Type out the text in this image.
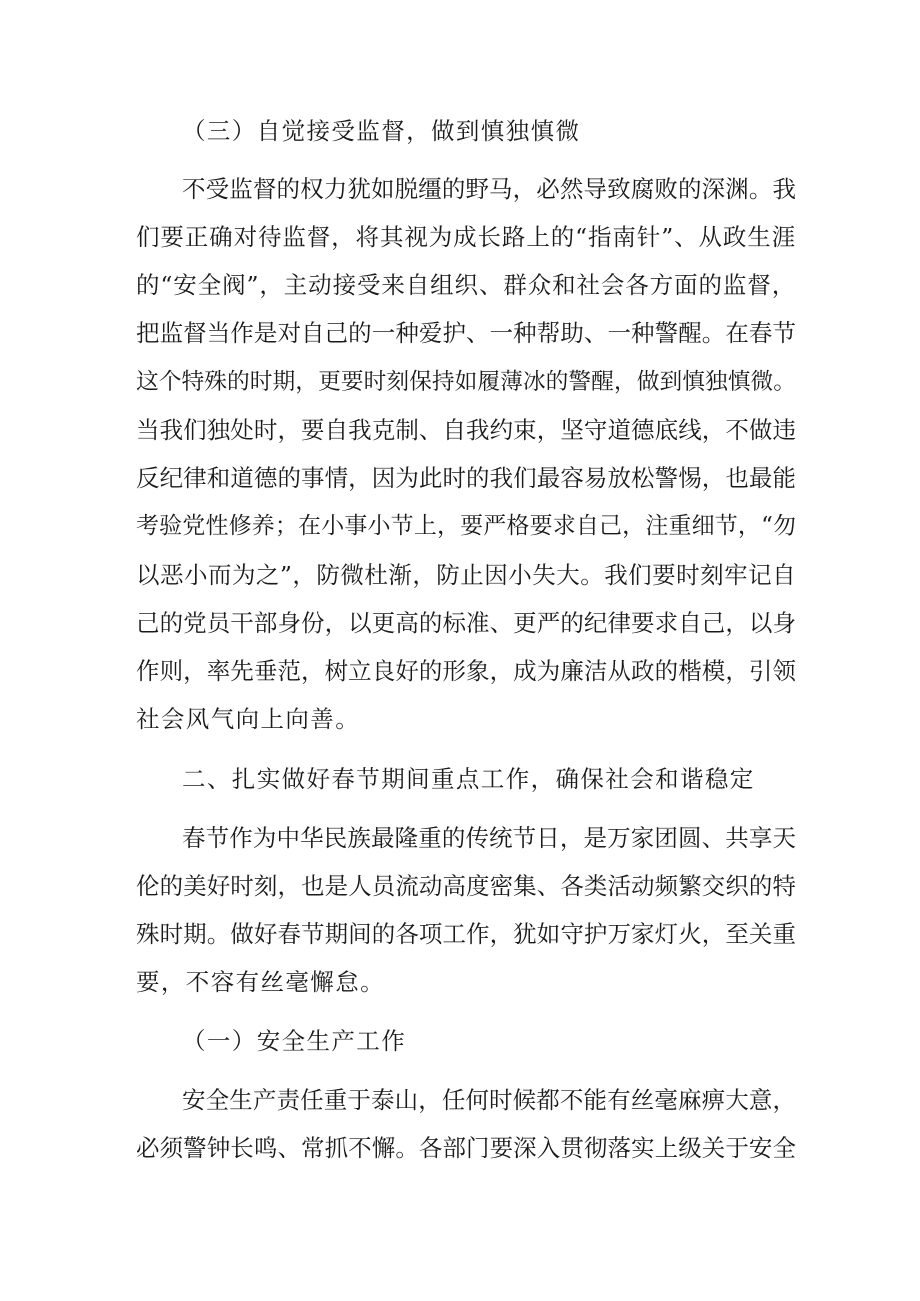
（三）自觉接受监督，做到慎独慎微
不受监督的权力犹如脱缰的野马，必然导致腐败的深渊。我
们要正确对待监督，将其视为成长路上的“指南针”、从政生涯
的“安全阀”，主动接受来自组织、群众和社会各方面的监督，
把监督当作是对自己的一种爱护、一种帮助、一种警醒。在春节
这个特殊的时期，更要时刻保持如履薄冰的警醒，做到慎独慎微。
当我们独处时，要自我克制、自我约束，坚守道德底线，不做违
反纪律和道德的事情，因为此时的我们最容易放松警惕，也最能
考验党性修养；在小事小节上，要严格要求自己，注重细节，“勿
以恶小而为之”，防微杜渐，防止因小失大。我们要时刻牢记自
己的党员干部身份，以更高的标准、更严的纪律要求自己，以身
作则，率先垂范，树立良好的形象，成为廉洁从政的楷模，引领
社会风气向上向善。
二、扎实做好春节期间重点工作，确保社会和谐稳定
春节作为中华民族最隆重的传统节日，是万家团圆、共享天
伦的美好时刻，也是人员流动高度密集、各类活动频繁交织的特
殊时期。做好春节期间的各项工作，犹如守护万家灯火，至关重
要，不容有丝毫懈怠。
（一）安全生产工作
安全生产责任重于泰山，任何时候都不能有丝毫麻痹大意，
必须警钟长鸣、常抓不懈。各部门要深入贯彻落实上级关于安全
